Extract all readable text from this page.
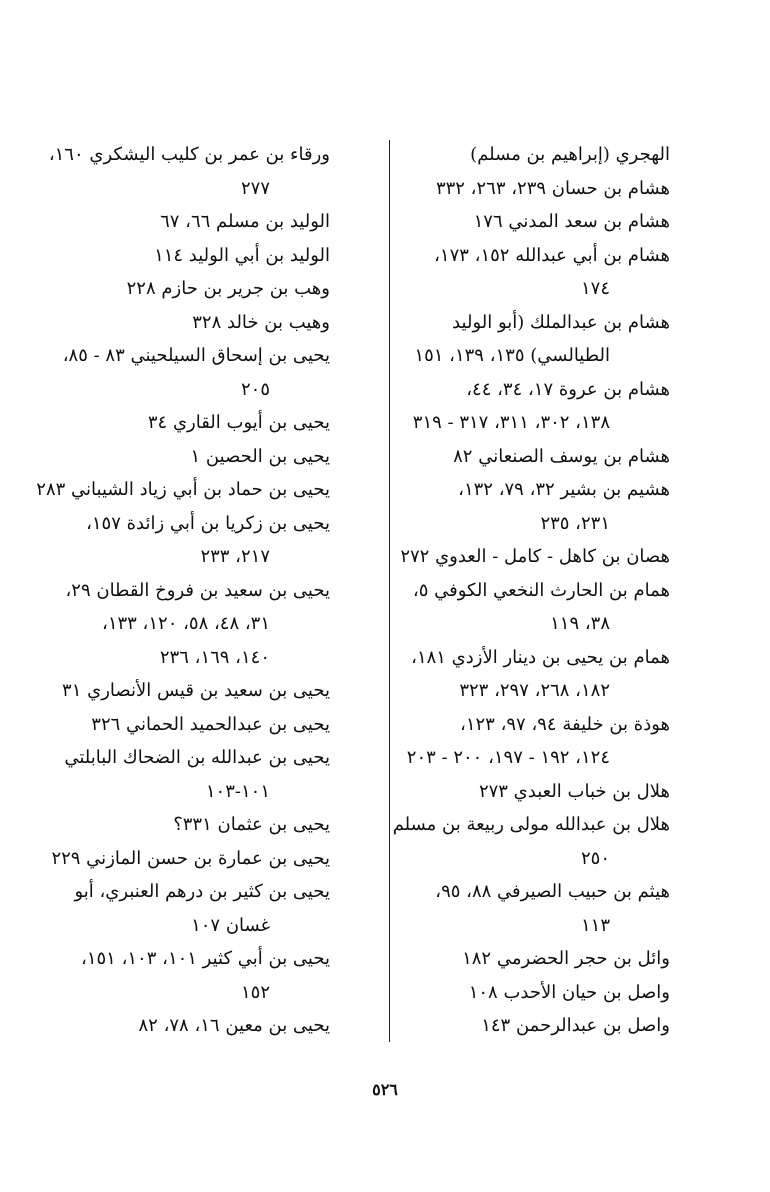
الهجري (إبراهيم بن مسلم)

هشام بن حسان ٢٣٩، ٢٦٣، ٣٣٢

هشام بن سعد المدني ١٧٦

هشام بن أبي عبدالله ١٥٢، ١٧٣،
١٧٤

هشام بن عبدالملك (أبو الوليد
الطيالسي) ١٣٥، ١٣٩، ١٥١

هشام بن عروة ١٧، ٣٤، ٤٤،
١٣٨، ٣٠٢، ٣١١، ٣١٧ - ٣١٩

هشام بن يوسف الصنعاني ٨٢

هشيم بن بشير ٣٢، ٧٩، ١٣٢،
٢٣١، ٢٣٥

هصان بن كاهل - كامل - العدوي ٢٧٢

همام بن الحارث النخعي الكوفي ٥،
٣٨، ١١٩

همام بن يحيى بن دينار الأزدي ١٨١،
١٨٢، ٢٦٨، ٢٩٧، ٣٢٣

هوذة بن خليفة ٩٤، ٩٧، ١٢٣،
١٢٤، ١٩٢ - ١٩٧، ٢٠٠ - ٢٠٣

هلال بن خباب العبدي ٢٧٣

هلال بن عبدالله مولى ربيعة بن مسلم
٢٥٠

هيثم بن حبيب الصيرفي ٨٨، ٩٥،
١١٣

وائل بن حجر الحضرمي ١٨٢

واصل بن حيان الأحدب ١٠٨

واصل بن عبدالرحمن ١٤٣

ورقاء بن عمر بن كليب اليشكري ١٦٠،
٢٧٧

الوليد بن مسلم ٦٦، ٦٧

الوليد بن أبي الوليد ١١٤

وهب بن جرير بن حازم ٢٢٨

وهيب بن خالد ٣٢٨

يحيى بن إسحاق السيلحيني ٨٣ - ٨٥،
٢٠٥

يحيى بن أيوب القاري ٣٤

يحيى بن الحصين ١

يحيى بن حماد بن أبي زياد الشيباني ٢٨٣

يحيى بن زكريا بن أبي زائدة ١٥٧،
٢١٧، ٢٣٣

يحيى بن سعيد بن فروخ القطان ٢٩،
٣١، ٤٨، ٥٨، ١٢٠، ١٣٣،
١٤٠، ١٦٩، ٢٣٦

يحيى بن سعيد بن قيس الأنصاري ٣١

يحيى بن عبدالحميد الحماني ٣٢٦

يحيى بن عبدالله بن الضحاك البابلتي
١٠١-١٠٣

يحيى بن عثمان ٣٣١؟

يحيى بن عمارة بن حسن المازني ٢٢٩

يحيى بن كثير بن درهم العنبري، أبو
غسان ١٠٧

يحيى بن أبي كثير ١٠١، ١٠٣، ١٥١،
١٥٢

يحيى بن معين ١٦، ٧٨، ٨٢

٥٢٦
